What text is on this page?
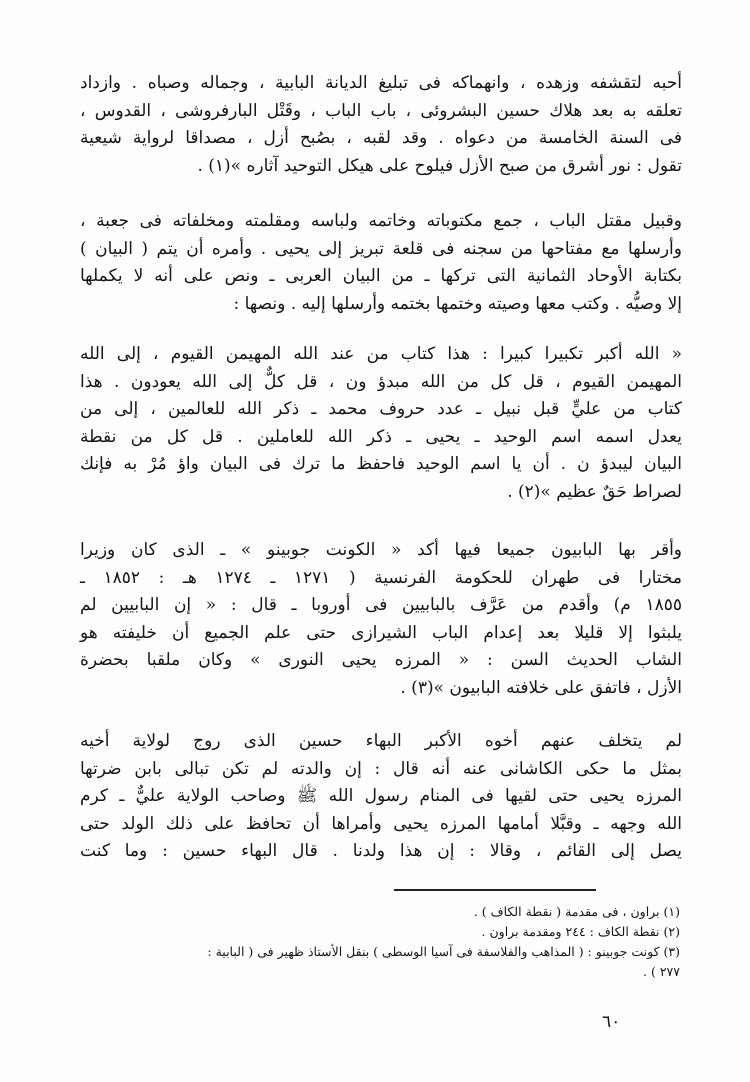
أحبه لتقشفه وزهده ، وانهماكه فى تبليغ الديانة البابية ، وجماله وصباه . وازداد
تعلقه به بعد هلاك حسين البشروئى ، باب الباب ، وقَتْل البارفروشى ، القدوس ،
فى السنة الخامسة من دعواه . وقد لقبه ، بصُبح أزل ، مصداقا لرواية شيعية
تقول : نور أشرق من صبح الأزل فيلوح على هيكل التوحيد آثاره »(١) .
وقبيل مقتل الباب ، جمع مكتوباته وخاتمه ولباسه ومقلمته ومخلفاته فى جعبة ،
وأرسلها مع مفتاحها من سجنه فى قلعة تبريز إلى يحيى . وأمره أن يتم ( البيان )
بكتابة الأوحاد الثمانية التى تركها ـ من البيان العربى ـ ونص على أنه لا يكملها
إلا وصيُّه . وكتب معها وصيته وختمها بختمه وأرسلها إليه . ونصها :
« الله أكبر تكبيرا كبيرا : هذا كتاب من عند الله المهيمن القيوم ، إلى الله
المهيمن القيوم ، قل كل من الله مبدؤ ون ، قل كلٌّ إلى الله يعودون . هذا
كتاب من عليٍّ قبل نبيل ـ عدد حروف محمد ـ ذكر الله للعالمين ، إلى من
يعدل اسمه اسم الوحيد ـ يحيى ـ ذكر الله للعاملين . قل كل من نقطة
البيان ليبدؤ ن . أن يا اسم الوحيد فاحفظ ما ترك فى البيان واؤ مُرْ به فإنك
لصراط حَقٌ عظيم »(٢) .
وأقر بها البابيون جميعا فيها أكد « الكونت جوبينو » ـ الذى كان وزيرا
مختارا فى طهران للحكومة الفرنسية ( ١٢٧١ ـ ١٢٧٤ هـ : ١٨٥٢ ـ
١٨٥٥ م) وأقدم من عَرَّف بالبابيين فى أوروبا ـ قال : « إن البابيين لم
يلبثوا إلا قليلا بعد إعدام الباب الشيرازى حتى علم الجميع أن خليفته هو
الشاب الحديث السن : « المرزه يحيى النورى » وكان ملقبا بحضرة
الأزل ، فاتفق على خلافته البابيون »(٣) .
لم يتخلف عنهم أخوه الأكبر البهاء حسين الذى روج لولاية أخيه
بمثل ما حكى الكاشانى عنه أنه قال : إن والدته لم تكن تبالى بابن ضرتها
المرزه يحيى حتى لقيها فى المنام رسول الله ﷺ وصاحب الولاية عليٌّ ـ كرم
الله وجهه ـ وقبَّلا أمامها المرزه يحيى وأمراها أن تحافظ على ذلك الولد حتى
يصل إلى القائم ، وقالا : إن هذا ولدنا . قال البهاء حسين : وما كنت
(١) براون ، فى مقدمة ( نقطة الكاف ) .
(٢) نقطة الكاف : ٢٤٤ ومقدمة براون .
(٣) كونت جوبينو : ( المذاهب والفلاسفة فى آسيا الوسطى ) بنقل الأستاذ ظهير فى ( البابية :
٢٧٧ ) .
٦٠
